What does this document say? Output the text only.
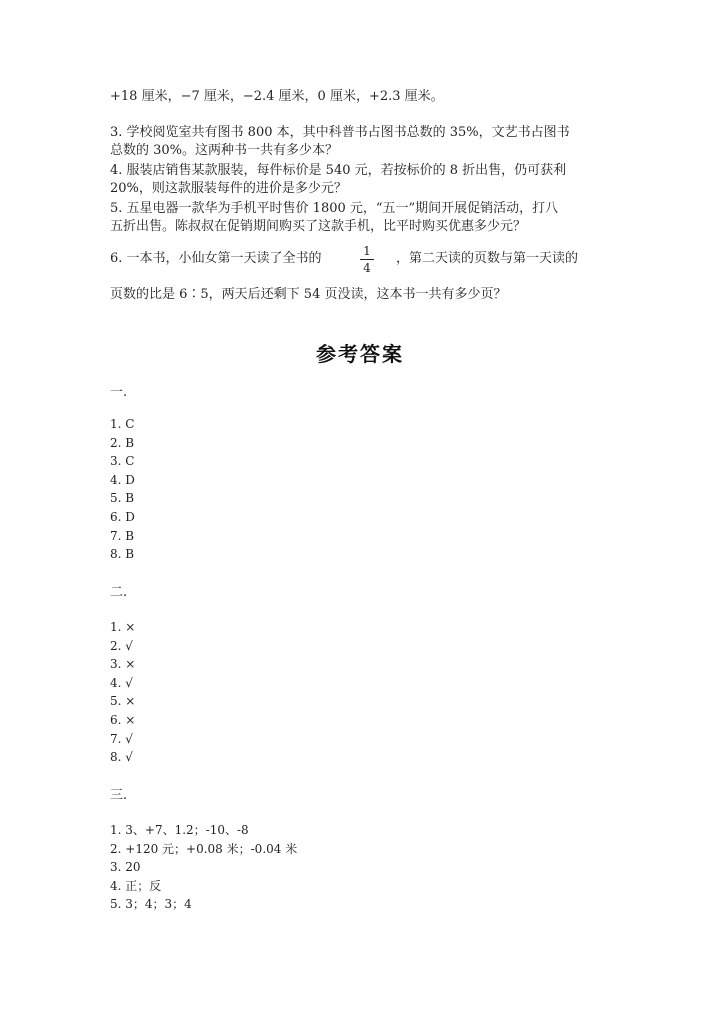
+18 厘米，−7 厘米，−2.4 厘米，0 厘米，+2.3 厘米。
3. 学校阅览室共有图书 800 本，其中科普书占图书总数的 35%，文艺书占图书
总数的 30%。这两种书一共有多少本？
4. 服装店销售某款服装，每件标价是 540 元，若按标价的 8 折出售，仍可获利
20%，则这款服装每件的进价是多少元？
5. 五星电器一款华为手机平时售价 1800 元，“五一”期间开展促销活动，打八
五折出售。陈叔叔在促销期间购买了这款手机，比平时购买优惠多少元？
6. 一本书，小仙女第一天读了全书的	$\frac{1}{4}$ ，第二天读的页数与第一天读的
页数的比是 6∶5，两天后还剩下 54 页没读，这本书一共有多少页？
参考答案
一.
1. C
2. B
3. C
4. D
5. B
6. D
7. B
8. B
二.
1. ×
2. √
3. ×
4. √
5. ×
6. ×
7. √
8. √
三.
1. 3、+7、1.2；-10、-8
2. +120 元；+0.08 米；-0.04 米
3. 20
4. 正；反
5. 3；4；3；4
